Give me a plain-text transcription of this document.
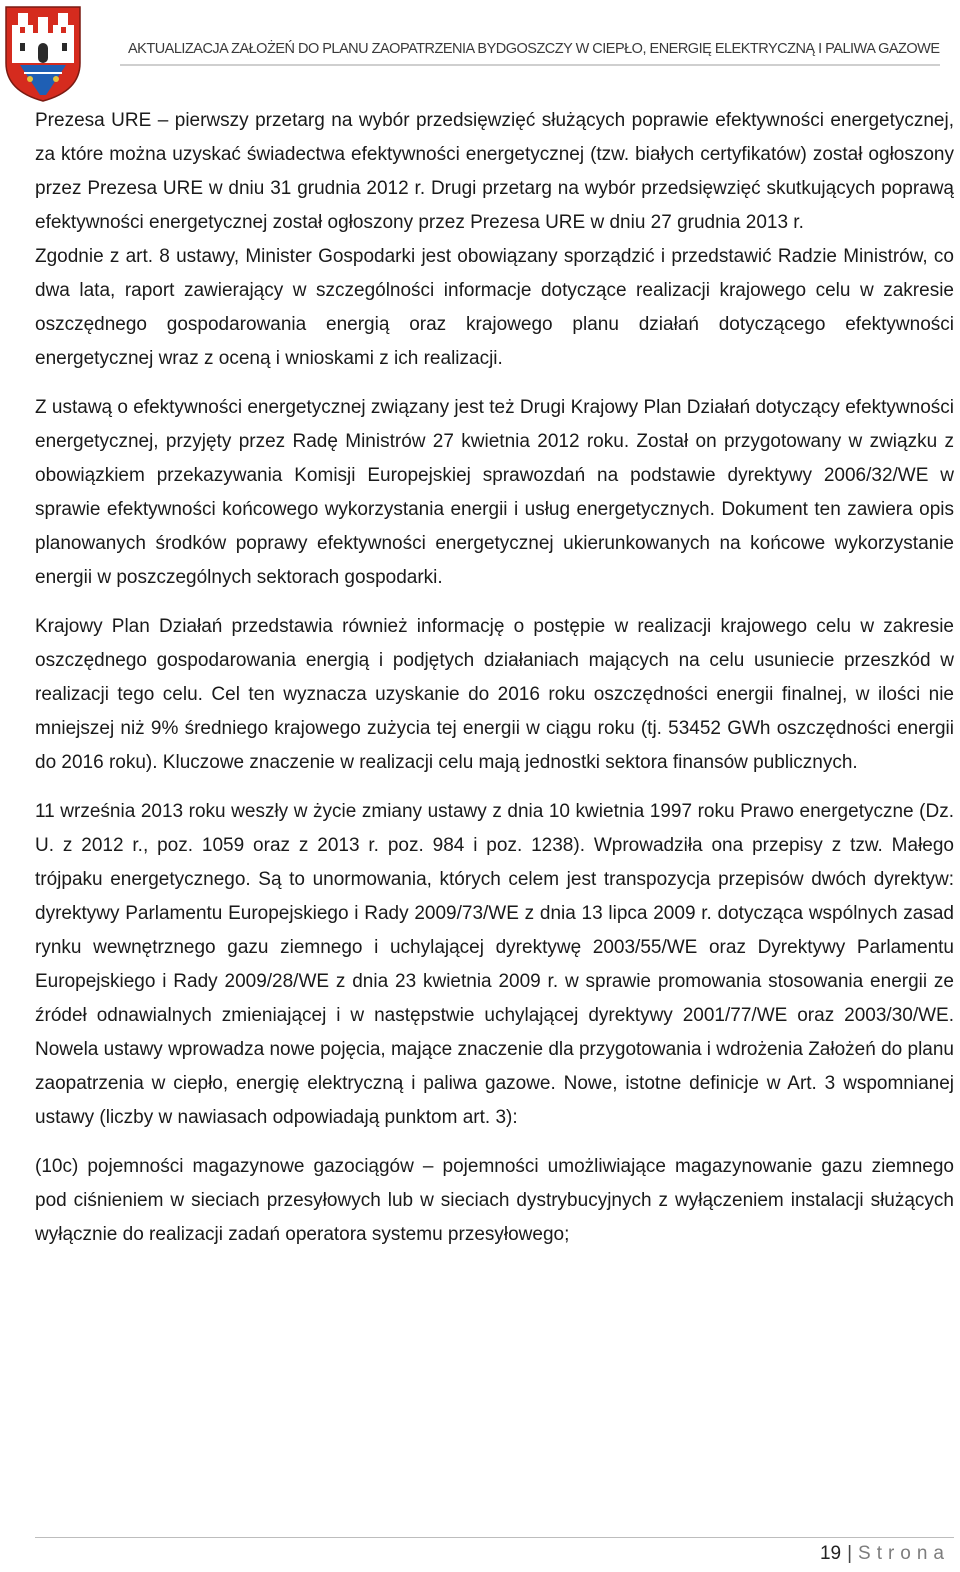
AKTUALIZACJA ZAŁOŻEŃ DO PLANU ZAOPATRZENIA BYDGOSZCZY W CIEPŁO, ENERGIĘ ELEKTRYCZNĄ I PALIWA GAZOWE

Prezesa URE – pierwszy przetarg na wybór przedsięwzięć służących poprawie efektywności energetycznej, za które można uzyskać świadectwa efektywności energetycznej (tzw. białych certyfikatów) został ogłoszony przez Prezesa URE w dniu 31 grudnia 2012 r. Drugi przetarg na wybór przedsięwzięć skutkujących poprawą efektywności energetycznej został ogłoszony przez Prezesa URE w dniu 27 grudnia 2013 r.

Zgodnie z art. 8 ustawy, Minister Gospodarki jest obowiązany sporządzić i przedstawić Radzie Ministrów, co dwa lata, raport zawierający w szczególności informacje dotyczące realizacji krajowego celu w zakresie oszczędnego gospodarowania energią oraz krajowego planu działań dotyczącego efektywności energetycznej wraz z oceną i wnioskami z ich realizacji.

Z ustawą o efektywności energetycznej związany jest też Drugi Krajowy Plan Działań dotyczący efektywności energetycznej, przyjęty przez Radę Ministrów 27 kwietnia 2012 roku. Został on przygotowany w związku z obowiązkiem przekazywania Komisji Europejskiej sprawozdań na podstawie dyrektywy 2006/32/WE w sprawie efektywności końcowego wykorzystania energii i usług energetycznych. Dokument ten zawiera opis planowanych środków poprawy efektywności energetycznej ukierunkowanych na końcowe wykorzystanie energii w poszczególnych sektorach gospodarki.

Krajowy Plan Działań przedstawia również informację o postępie w realizacji krajowego celu w zakresie oszczędnego gospodarowania energią i podjętych działaniach mających na celu usuniecie przeszkód w realizacji tego celu. Cel ten wyznacza uzyskanie do 2016 roku oszczędności energii finalnej, w ilości nie mniejszej niż 9% średniego krajowego zużycia tej energii w ciągu roku (tj. 53452 GWh oszczędności energii do 2016 roku). Kluczowe znaczenie w realizacji celu mają jednostki sektora finansów publicznych.

11 września 2013 roku weszły w życie zmiany ustawy z dnia 10 kwietnia 1997 roku Prawo energetyczne (Dz. U. z 2012 r., poz. 1059 oraz z 2013 r. poz. 984 i poz. 1238). Wprowadziła ona przepisy z tzw. Małego trójpaku energetycznego. Są to unormowania, których celem jest transpozycja przepisów dwóch dyrektyw: dyrektywy Parlamentu Europejskiego i Rady 2009/73/WE z dnia 13 lipca 2009 r. dotycząca wspólnych zasad rynku wewnętrznego gazu ziemnego i uchylającej dyrektywę 2003/55/WE oraz Dyrektywy Parlamentu Europejskiego i Rady 2009/28/WE z dnia 23 kwietnia 2009 r. w sprawie promowania stosowania energii ze źródeł odnawialnych zmieniającej i w następstwie uchylającej dyrektywy 2001/77/WE oraz 2003/30/WE. Nowela ustawy wprowadza nowe pojęcia, mające znaczenie dla przygotowania i wdrożenia Założeń do planu zaopatrzenia w ciepło, energię elektryczną i paliwa gazowe. Nowe, istotne definicje w Art. 3 wspomnianej ustawy (liczby w nawiasach odpowiadają punktom art. 3):

(10c) pojemności magazynowe gazociągów – pojemności umożliwiające magazynowanie gazu ziemnego pod ciśnieniem w sieciach przesyłowych lub w sieciach dystrybucyjnych z wyłączeniem instalacji służących wyłącznie do realizacji zadań operatora systemu przesyłowego;

19 | Strona
